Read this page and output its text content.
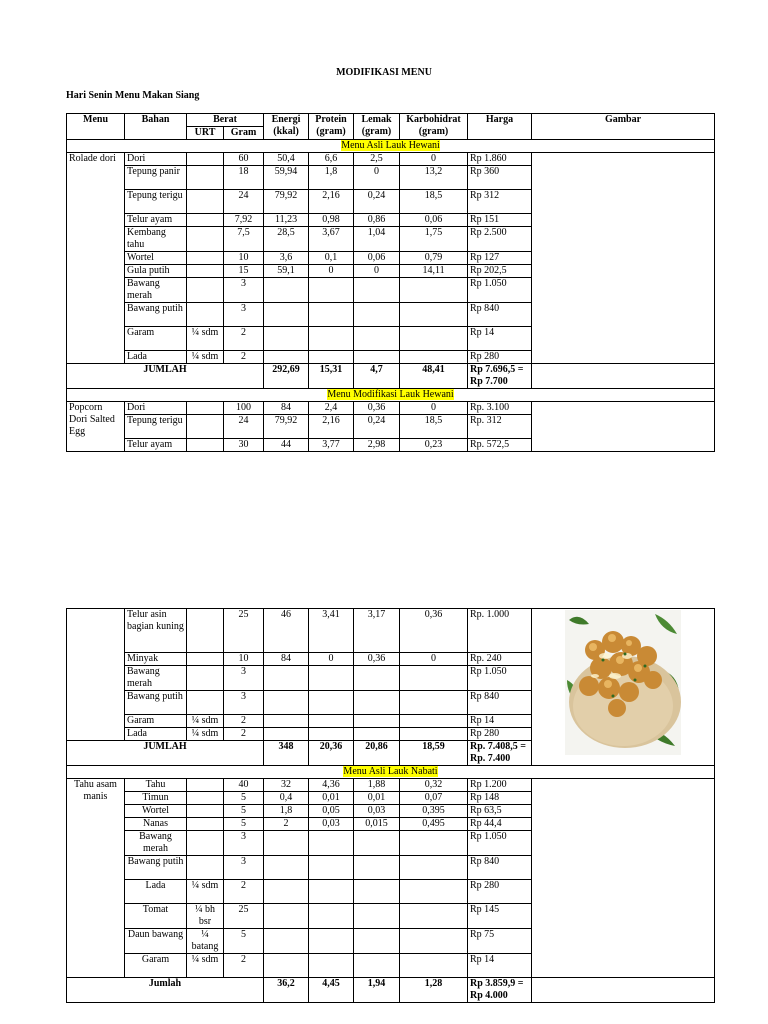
MODIFIKASI MENU
Hari Senin Menu Makan Siang
Menu	Bahan	Berat		Energi (kkal)	Protein (gram)	Lemak (gram)	Karbohidrat (gram)	Harga	Gambar
		URT	Gram						
Menu Asli Lauk Hewani									
Rolade dori	Dori		60	50,4	6,6	2,5	0	Rp 1.860	
	Tepung panir		18	59,94	1,8	0	13,2	Rp 360	
	Tepung terigu		24	79,92	2,16	0,24	18,5	Rp 312	
	Telur ayam		7,92	11,23	0,98	0,86	0,06	Rp 151	
	Kembang tahu		7,5	28,5	3,67	1,04	1,75	Rp 2.500	
	Wortel		10	3,6	0,1	0,06	0,79	Rp 127	
	Gula putih		15	59,1	0	0	14,11	Rp 202,5	
	Bawang merah		3					Rp 1.050	
	Bawang putih		3					Rp 840	
	Garam	¼ sdm	2					Rp 14	
	Lada	¼ sdm	2					Rp 280	
JUMLAH				292,69	15,31	4,7	48,41	Rp 7.696,5 = Rp 7.700	
Menu Modifikasi Lauk Hewani									
Popcorn Dori Salted Egg	Dori		100	84	2,4	0,36	0	Rp. 3.100	
	Tepung terigu		24	79,92	2,16	0,24	18,5	Rp. 312	
	Telur ayam		30	44	3,77	2,98	0,23	Rp. 572,5	
	Telur asin bagian kuning		25	46	3,41	3,17	0,36	Rp. 1.000	

	Minyak		10	84	0	0,36	0	Rp. 240	
	Bawang merah		3					Rp 1.050	
	Bawang putih		3					Rp 840	
	Garam	¼ sdm	2					Rp 14	
	Lada	¼ sdm	2					Rp 280	
JUMLAH				348	20,36	20,86	18,59	Rp. 7.408,5 = Rp. 7.400	
Menu Asli Lauk Nabati									
Tahu asam manis	Tahu		40	32	4,36	1,88	0,32	Rp 1.200	
	Timun		5	0,4	0,01	0,01	0,07	Rp 148	
	Wortel		5	1,8	0,05	0,03	0,395	Rp 63,5	
	Nanas		5	2	0,03	0,015	0,495	Rp 44,4	
	Bawang merah		3					Rp 1.050	
	Bawang putih		3					Rp 840	
	Lada	¼ sdm	2					Rp 280	
	Tomat	¼ bh bsr	25					Rp 145	
	Daun bawang	¼ batang	5					Rp 75	
	Garam	¼ sdm	2					Rp 14	
Jumlah				36,2	4,45	1,94	1,28	Rp 3.859,9 = Rp 4.000	
